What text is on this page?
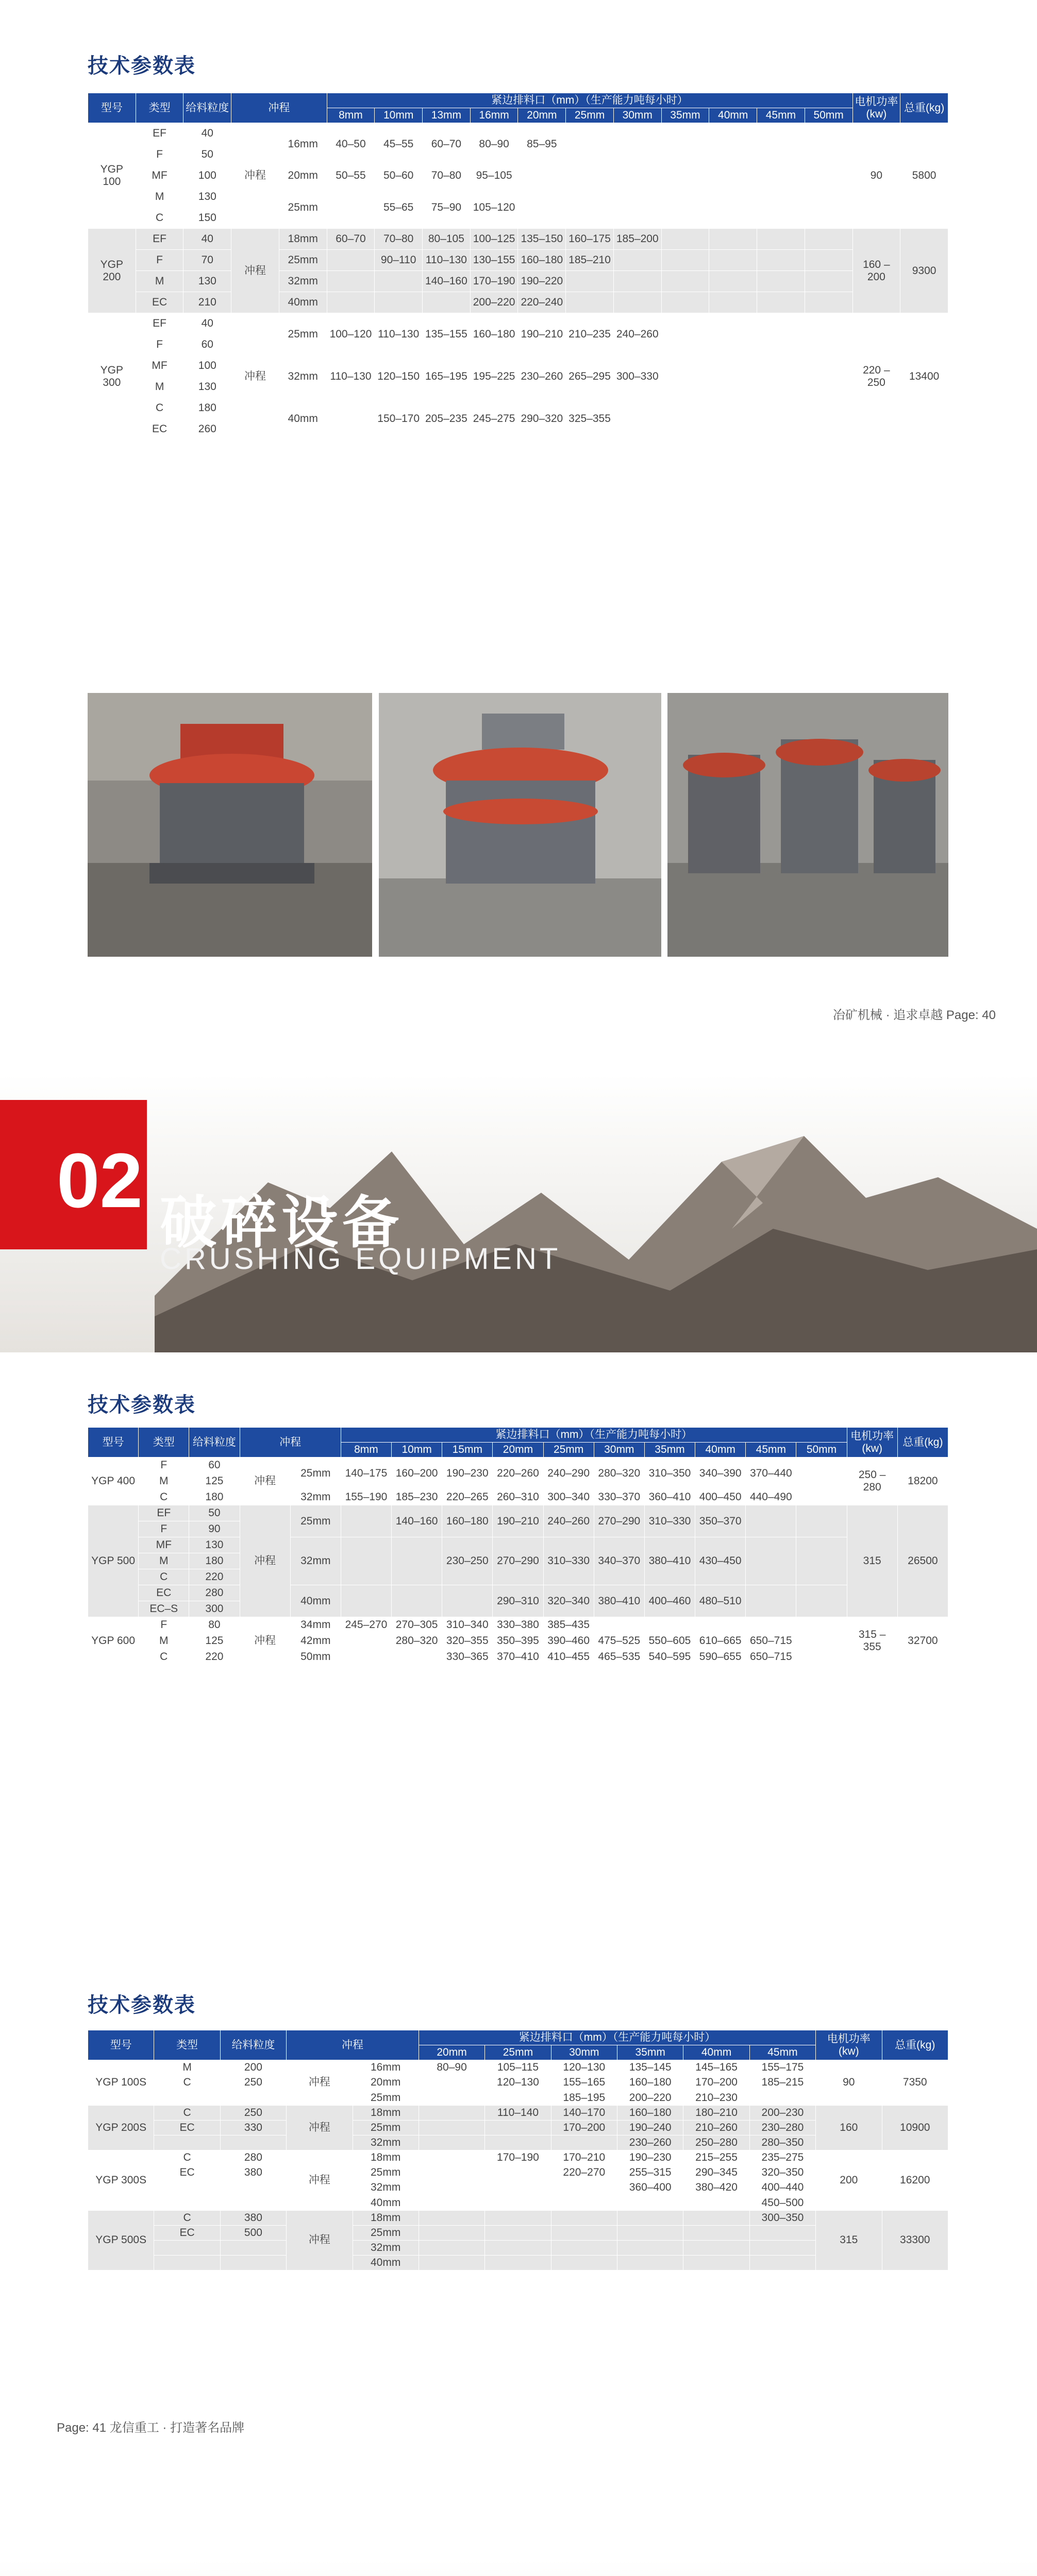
技术参数表
型号	类型	给料粒度	冲程		紧边排料口（mm）（生产能力吨每小时）											电机功率(kw)	总重(kg)
					8mm	10mm	13mm	16mm	20mm	25mm	30mm	35mm	40mm	45mm	50mm		
YGP 100	EF	40	冲程	16mm	40–50	45–55	60–70	80–90	85–95							90	5800
	F	50															
	MF	100		20mm	50–55	50–60	70–80	95–105									
	M	130		25mm		55–65	75–90	105–120									
	C	150															
YGP 200	EF	40	冲程	18mm	60–70	70–80	80–105	100–125	135–150	160–175	185–200					160 – 200	9300
	F	70		25mm		90–110	110–130	130–155	160–180	185–210							
	M	130		32mm			140–160	170–190	190–220								
	EC	210		40mm				200–220	220–240								
YGP 300	EF	40	冲程	25mm	100–120	110–130	135–155	160–180	190–210	210–235	240–260					220 – 250	13400
	F	60															
	MF	100		32mm	110–130	120–150	165–195	195–225	230–260	265–295	300–330						
	M	130															
	C	180		40mm		150–170	205–235	245–275	290–320	325–355							
	EC	260															
冶矿机械 · 追求卓越 Page: 40
02 破碎设备
CRUSHING EQUIPMENT
技术参数表
型号	类型	给料粒度	冲程		紧边排料口（mm）（生产能力吨每小时）										电机功率(kw)	总重(kg)
					8mm	10mm	15mm	20mm	25mm	30mm	35mm	40mm	45mm	50mm		
YGP 400	F	60	冲程	25mm	140–175	160–200	190–230	220–260	240–290	280–320	310–350	340–390	370–440		250 – 280	18200
	M	125														
	C	180		32mm	155–190	185–230	220–265	260–310	300–340	330–370	360–410	400–450	440–490			
YGP 500	EF	50	冲程	25mm		140–160	160–180	190–210	240–260	270–290	310–330	350–370			315	26500
	F	90														
	MF	130		32mm			230–250	270–290	310–330	340–370	380–410	430–450				
	M	180														
	C	220														
	EC	280		40mm				290–310	320–340	380–410	400–460	480–510				
	EC–S	300														
YGP 600	F	80	冲程	34mm	245–270	270–305	310–340	330–380	385–435						315 – 355	32700
	M	125		42mm		280–320	320–355	350–395	390–460	475–525	550–605	610–665	650–715			
	C	220		50mm			330–365	370–410	410–455	465–535	540–595	590–655	650–715			
技术参数表
型号	类型	给料粒度	冲程		紧边排料口（mm）（生产能力吨每小时）						电机功率(kw)	总重(kg)
					20mm	25mm	30mm	35mm	40mm	45mm		
YGP 100S	M	200	冲程	16mm	80–90	105–115	120–130	135–145	145–165	155–175	90	7350
	C	250		20mm		120–130	155–165	160–180	170–200	185–215		
				25mm			185–195	200–220	210–230			
YGP 200S	C	250	冲程	18mm		110–140	140–170	160–180	180–210	200–230	160	10900
	EC	330		25mm			170–200	190–240	210–260	230–280		
				32mm				230–260	250–280	280–350		
YGP 300S	C	280	冲程	18mm		170–190	170–210	190–230	215–255	235–275	200	16200
	EC	380		25mm			220–270	255–315	290–345	320–350		
				32mm				360–400	380–420	400–440		
				40mm						450–500		
YGP 500S	C	380	冲程	18mm						300–350	315	33300
	EC	500		25mm								
				32mm								
				40mm								
Page: 41 龙信重工 · 打造著名品牌
